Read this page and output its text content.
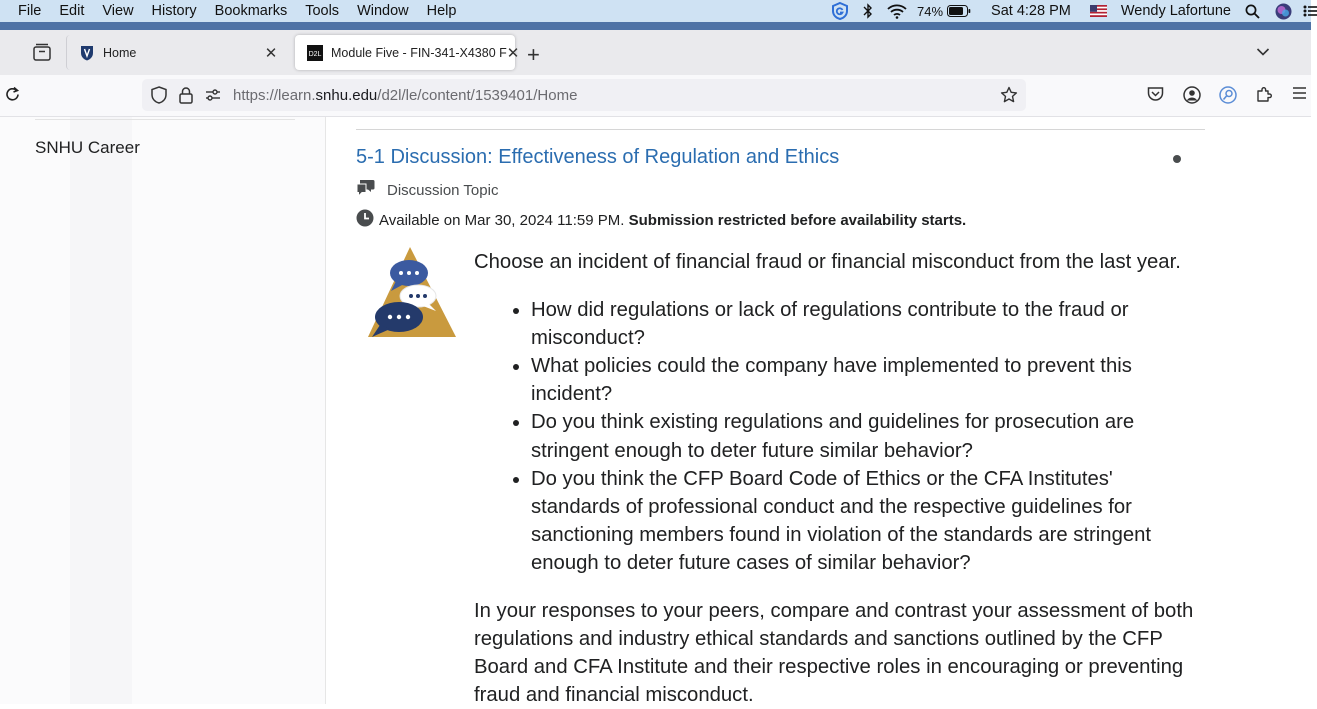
File Edit View History Bookmarks Tools Window Help	74%	Sat 4:28 PM	Wendy Lafortune
Home	✕	D2L Module Five - FIN-341-X4380 F ✕ +
https://learn.snhu.edu/d2l/le/content/1539401/Home
SNHU Career	5-1 Discussion: Effectiveness of Regulation and Ethics
Discussion Topic
Available on Mar 30, 2024 11:59 PM.
Submission restricted before availability starts.

Choose an incident of financial fraud or financial misconduct from the last year.

• How did regulations or lack of regulations contribute to the fraud or misconduct?
• What policies could the company have implemented to prevent this incident?
• Do you think existing regulations and guidelines for prosecution are stringent enough to deter future similar behavior?
• Do you think the CFP Board Code of Ethics or the CFA Institutes' standards of professional conduct and the respective guidelines for sanctioning members found in violation of the standards are stringent enough to deter future cases of similar behavior?

In your responses to your peers, compare and contrast your assessment of both regulations and industry ethical standards and sanctions outlined by the CFP Board and CFA Institute and their respective roles in encouraging or preventing fraud and financial misconduct.
